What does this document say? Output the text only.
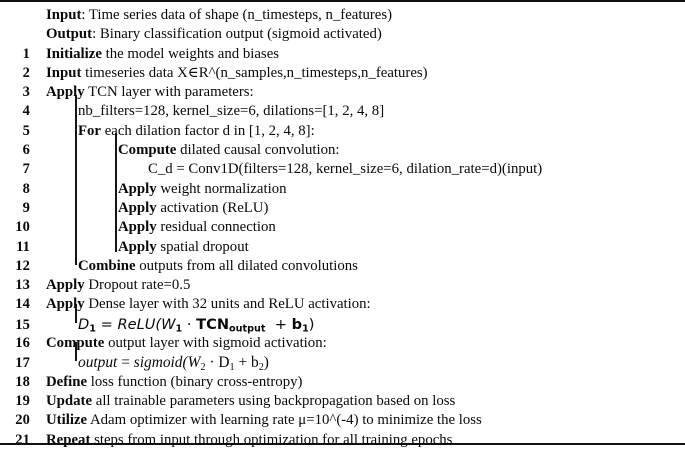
Input: Time series data of shape (n_timesteps, n_features)
Output: Binary classification output (sigmoid activated)
1	Initialize the model weights and biases
2	Input timeseries data X∈R^(n_samples,n_timesteps,n_features)
3	Apply TCN layer with parameters:
4	nb_filters=128, kernel_size=6, dilations=[1, 2, 4, 8]
5	For each dilation factor d in [1, 2, 4, 8]:
6	Compute dilated causal convolution:
7	C_d = Conv1D(filters=128, kernel_size=6, dilation_rate=d)(input)
8	Apply weight normalization
9	Apply activation (ReLU)
10	Apply residual connection
11	Apply spatial dropout
12	Combine outputs from all dilated convolutions
13	Apply Dropout rate=0.5
14	Apply Dense layer with 32 units and ReLU activation:
15	$D_1$ = $ReLU(W_1 \cdot TCN_{output} + b_1)$
16	Compute output layer with sigmoid activation:
17	output = $sigmoid(W_2 \cdot D_1 + b_2)$
18	Define loss function (binary cross-entropy)
19	Update all trainable parameters using backpropagation based on loss
20	Utilize Adam optimizer with learning rate μ=10^(-4) to minimize the loss
21	Repeat steps from input through optimization for all training epochs
